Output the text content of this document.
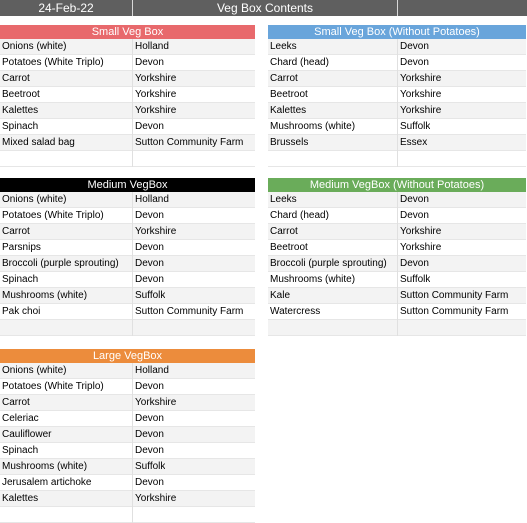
24-Feb-22	Veg Box Contents
Small Veg Box
Onions (white)	Holland
Potatoes (White Triplo)	Devon
Carrot	Yorkshire
Beetroot	Yorkshire
Kalettes	Yorkshire
Spinach	Devon
Mixed salad bag	Sutton Community Farm
Small Veg Box (Without Potatoes)
Leeks	Devon
Chard (head)	Devon
Carrot	Yorkshire
Beetroot	Yorkshire
Kalettes	Yorkshire
Mushrooms (white)	Suffolk
Brussels	Essex
Medium VegBox
Onions (white)	Holland
Potatoes (White Triplo)	Devon
Carrot	Yorkshire
Parsnips	Devon
Broccoli (purple sprouting)	Devon
Spinach	Devon
Mushrooms (white)	Suffolk
Pak choi	Sutton Community Farm
Medium VegBox (Without Potatoes)
Leeks	Devon
Chard (head)	Devon
Carrot	Yorkshire
Beetroot	Yorkshire
Broccoli (purple sprouting)	Devon
Mushrooms (white)	Suffolk
Kale	Sutton Community Farm
Watercress	Sutton Community Farm
Large VegBox
Onions (white)	Holland
Potatoes (White Triplo)	Devon
Carrot	Yorkshire
Celeriac	Devon
Cauliflower	Devon
Spinach	Devon
Mushrooms (white)	Suffolk
Jerusalem artichoke	Devon
Kalettes	Yorkshire
